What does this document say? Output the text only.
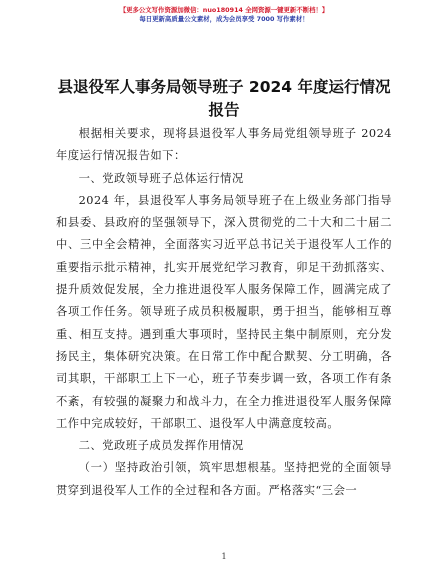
【更多公文写作资源加微信：nuo180914 全网资源一键更新不断档！】
每日更新高质量公文素材，成为会员享受 7000 写作素材！
县退役军人事务局领导班子 2024 年度运行情况
报告

根据相关要求，现将县退役军人事务局党组领导班子 2024 年度运行情况报告如下：

一、党政领导班子总体运行情况

2024 年，县退役军人事务局领导班子在上级业务部门指导和县委、县政府的坚强领导下，深入贯彻党的二十大和二十届二中、三中全会精神，全面落实习近平总书记关于退役军人工作的重要指示批示精神，扎实开展党纪学习教育，卯足干劲抓落实、提升质效促发展，全力推进退役军人服务保障工作，圆满完成了各项工作任务。领导班子成员积极履职，勇于担当，能够相互尊重、相互支持。遇到重大事项时，坚持民主集中制原则，充分发扬民主，集体研究决策。在日常工作中配合默契、分工明确，各司其职，干部职工上下一心，班子节奏步调一致，各项工作有条不紊，有较强的凝聚力和战斗力，在全力推进退役军人服务保障工作中完成较好，干部职工、退役军人中满意度较高。

二、党政班子成员发挥作用情况

（一）坚持政治引领，筑牢思想根基。坚持把党的全面领导贯穿到退役军人工作的全过程和各方面。严格落实“三会一

1
